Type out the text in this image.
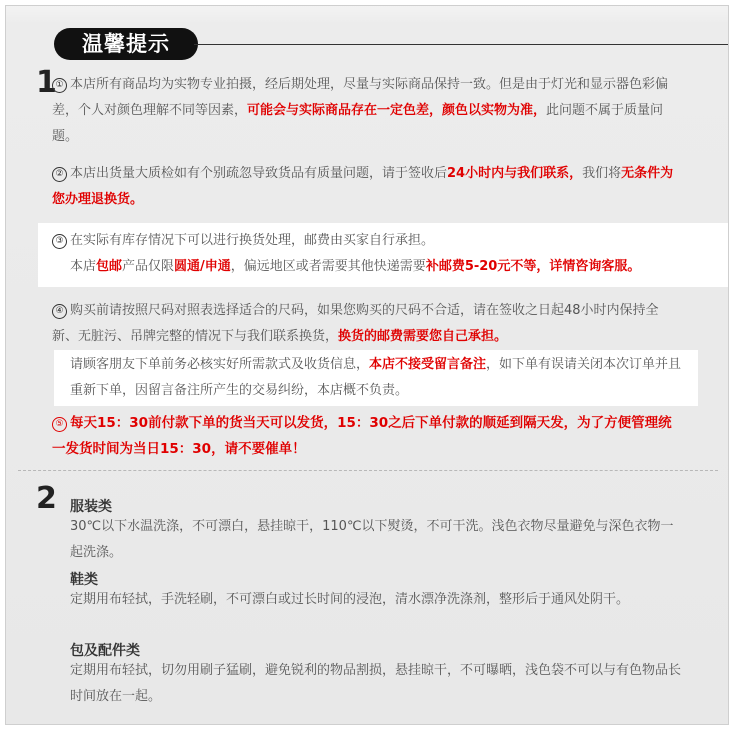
温馨提示
1
① 本店所有商品均为实物专业拍摄，经后期处理，尽量与实际商品保持一致。但是由于灯光和显示器色彩偏差，个人对颜色理解不同等因素，可能会与实际商品存在一定色差，颜色以实物为准，此问题不属于质量问题。
② 本店出货量大质检如有个别疏忽导致货品有质量问题，请于签收后24小时内与我们联系，我们将无条件为您办理退换货。
③ 在实际有库存情况下可以进行换货处理，邮费由买家自行承担。
本店包邮产品仅限圆通/申通，偏远地区或者需要其他快递需要补邮费5-20元不等，详情咨询客服。
④ 购买前请按照尺码对照表选择适合的尺码，如果您购买的尺码不合适，请在签收之日起48小时内保持全新、无脏污、吊牌完整的情况下与我们联系换货，换货的邮费需要您自己承担。
请顾客朋友下单前务必核实好所需款式及收货信息，本店不接受留言备注，如下单有误请关闭本次订单并且重新下单，因留言备注所产生的交易纠纷，本店概不负责。
⑤ 每天15：30前付款下单的货当天可以发货，15：30之后下单付款的顺延到隔天发，为了方便管理统一发货时间为当日15：30，请不要催单！
2 服装类
30℃以下水温洗涤，不可漂白，悬挂晾干，110℃以下熨烫，不可干洗。浅色衣物尽量避免与深色衣物一起洗涤。
鞋类
定期用布轻拭，手洗轻刷，不可漂白或过长时间的浸泡，清水漂净洗涤剂，整形后于通风处阴干。
包及配件类
定期用布轻拭，切勿用刷子猛刷，避免锐利的物品割损，悬挂晾干，不可曝晒，浅色袋不可以与有色物品长时间放在一起。
